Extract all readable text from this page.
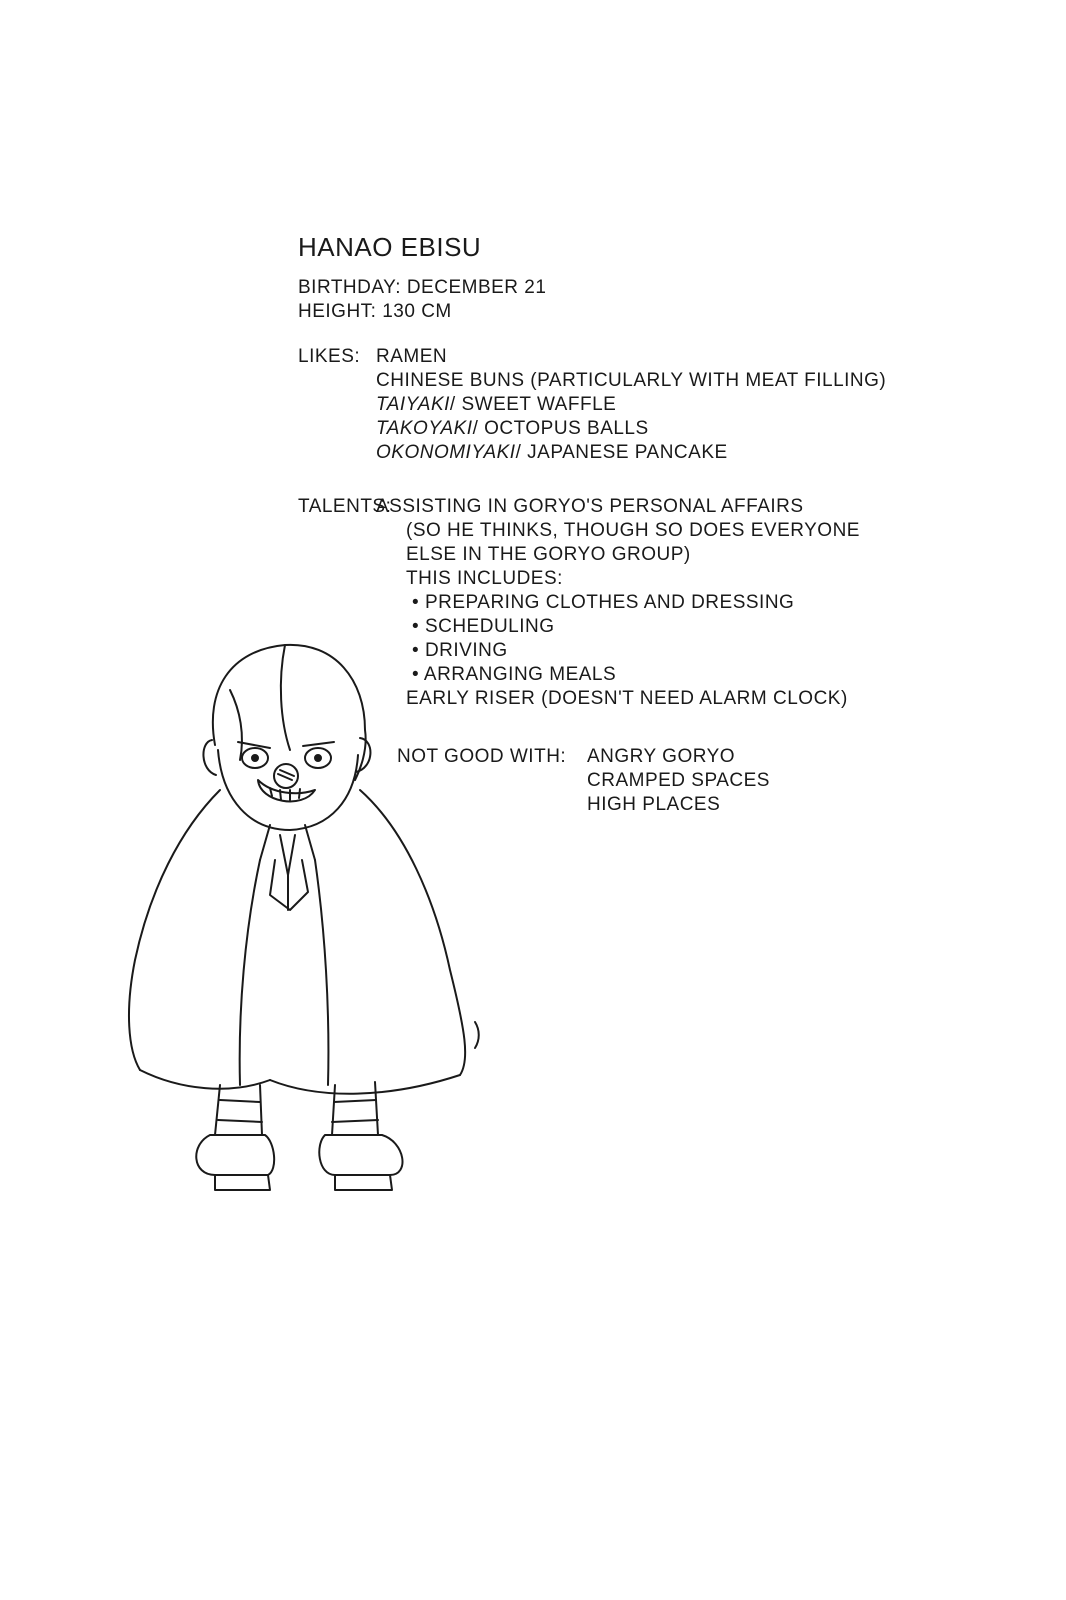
HANAO EBISU
BIRTHDAY: DECEMBER 21
HEIGHT: 130 CM
LIKES: RAMEN
CHINESE BUNS (PARTICULARLY WITH MEAT FILLING)
TAIYAKI/ SWEET WAFFLE
TAKOYAKI/ OCTOPUS BALLS
OKONOMIYAKI/ JAPANESE PANCAKE
TALENTS:
ASSISTING IN GORYO'S PERSONAL AFFAIRS
(SO HE THINKS, THOUGH SO DOES EVERYONE
ELSE IN THE GORYO GROUP)
THIS INCLUDES:
• PREPARING CLOTHES AND DRESSING
• SCHEDULING
• DRIVING
• ARRANGING MEALS
EARLY RISER (DOESN'T NEED ALARM CLOCK)
NOT GOOD WITH: ANGRY GORYO
CRAMPED SPACES
HIGH PLACES
